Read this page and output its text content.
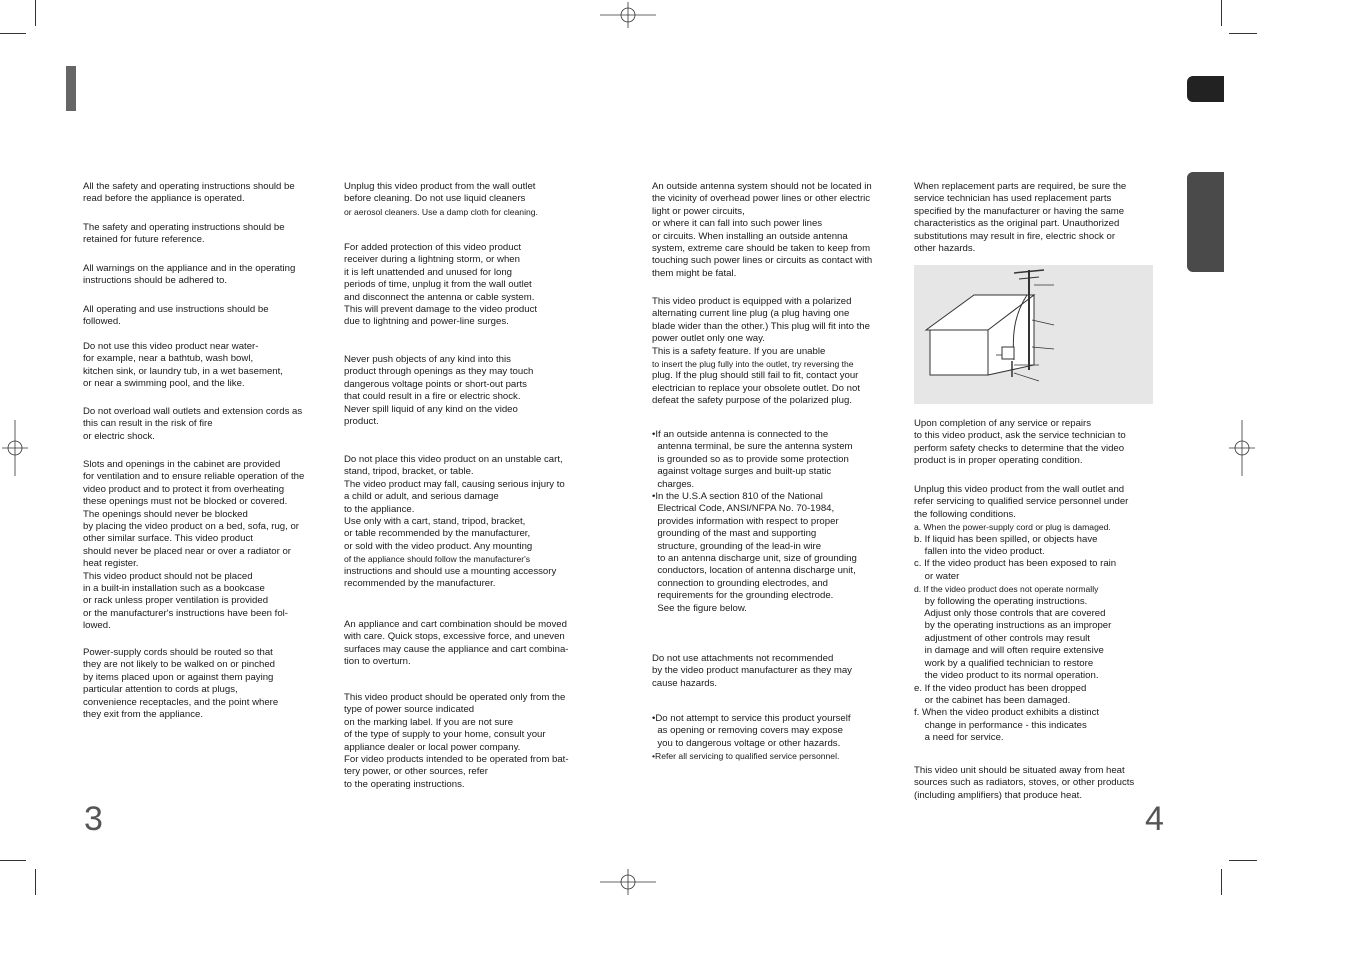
All the safety and operating instructions should be
read before the appliance is operated.

The safety and operating instructions should be
retained for future reference.

All warnings on the appliance and in the operating
instructions should be adhered to.

All operating and use instructions should be
followed.

Do not use this video product near water-
for example, near a bathtub, wash bowl,
kitchen sink, or laundry tub, in a wet basement,
or near a swimming pool, and the like.

Do not overload wall outlets and extension cords as
this can result in the risk of fire
or electric shock.

Slots and openings in the cabinet are provided
for ventilation and to ensure reliable operation of the
video product and to protect it from overheating
these openings must not be blocked or covered.
The openings should never be blocked
by placing the video product on a bed, sofa, rug, or
other similar surface. This video product
should never be placed near or over a radiator or
heat register.
This video product should not be placed
in a built-in installation such as a bookcase
or rack unless proper ventilation is provided
or the manufacturer's instructions have been fol-
lowed.

Power-supply cords should be routed so that
they are not likely to be walked on or pinched
by items placed upon or against them paying
particular attention to cords at plugs,
convenience receptacles, and the point where
they exit from the appliance.

Unplug this video product from the wall outlet
before cleaning. Do not use liquid cleaners
or aerosol cleaners. Use a damp cloth for cleaning.

For added protection of this video product
receiver during a lightning storm, or when
it is left unattended and unused for long
periods of time, unplug it from the wall outlet
and disconnect the antenna or cable system.
This will prevent damage to the video product
due to lightning and power-line surges.

Never push objects of any kind into this
product through openings as they may touch
dangerous voltage points or short-out parts
that could result in a fire or electric shock.
Never spill liquid of any kind on the video
product.

Do not place this video product on an unstable cart,
stand, tripod, bracket, or table.
The video product may fall, causing serious injury to
a child or adult, and serious damage
to the appliance.
Use only with a cart, stand, tripod, bracket,
or table recommended by the manufacturer,
or sold with the video product. Any mounting
of the appliance should follow the manufacturer's
instructions and should use a mounting accessory
recommended by the manufacturer.

An appliance and cart combination should be moved
with care. Quick stops, excessive force, and uneven
surfaces may cause the appliance and cart combina-
tion to overturn.

This video product should be operated only from the
type of power source indicated
on the marking label. If you are not sure
of the type of supply to your home, consult your
appliance dealer or local power company.
For video products intended to be operated from bat-
tery power, or other sources, refer
to the operating instructions.

An outside antenna system should not be located in
the vicinity of overhead power lines or other electric
light or power circuits,
or where it can fall into such power lines
or circuits. When installing an outside antenna
system, extreme care should be taken to keep from
touching such power lines or circuits as contact with
them might be fatal.

This video product is equipped with a polarized
alternating current line plug (a plug having one
blade wider than the other.) This plug will fit into the
power outlet only one way.
This is a safety feature. If you are unable
to insert the plug fully into the outlet, try reversing the
plug. If the plug should still fail to fit, contact your
electrician to replace your obsolete outlet. Do not
defeat the safety purpose of the polarized plug.

•If an outside antenna is connected to the
antenna terminal, be sure the antenna system
is grounded so as to provide some protection
against voltage surges and built-up static
charges.
•In the U.S.A section 810 of the National
Electrical Code, ANSI/NFPA No. 70-1984,
provides information with respect to proper
grounding of the mast and supporting
structure, grounding of the lead-in wire
to an antenna discharge unit, size of grounding
conductors, location of antenna discharge unit,
connection to grounding electrodes, and
requirements for the grounding electrode.
See the figure below.

Do not use attachments not recommended
by the video product manufacturer as they may
cause hazards.

•Do not attempt to service this product yourself
as opening or removing covers may expose
you to dangerous voltage or other hazards.
•Refer all servicing to qualified service personnel.

When replacement parts are required, be sure the
service technician has used replacement parts
specified by the manufacturer or having the same
characteristics as the original part. Unauthorized
substitutions may result in fire, electric shock or
other hazards.

Upon completion of any service or repairs
to this video product, ask the service technician to
perform safety checks to determine that the video
product is in proper operating condition.

Unplug this video product from the wall outlet and
refer servicing to qualified service personnel under
the following conditions.
a. When the power-supply cord or plug is damaged.
b. If liquid has been spilled, or objects have
fallen into the video product.
c. If the video product has been exposed to rain
or water
d. If the video product does not operate normally
by following the operating instructions.
Adjust only those controls that are covered
by the operating instructions as an improper
adjustment of other controls may result
in damage and will often require extensive
work by a qualified technician to restore
the video product to its normal operation.
e. If the video product has been dropped
or the cabinet has been damaged.
f. When the video product exhibits a distinct
change in performance - this indicates
a need for service.

This video unit should be situated away from heat
sources such as radiators, stoves, or other products
(including amplifiers) that produce heat.

3	4
